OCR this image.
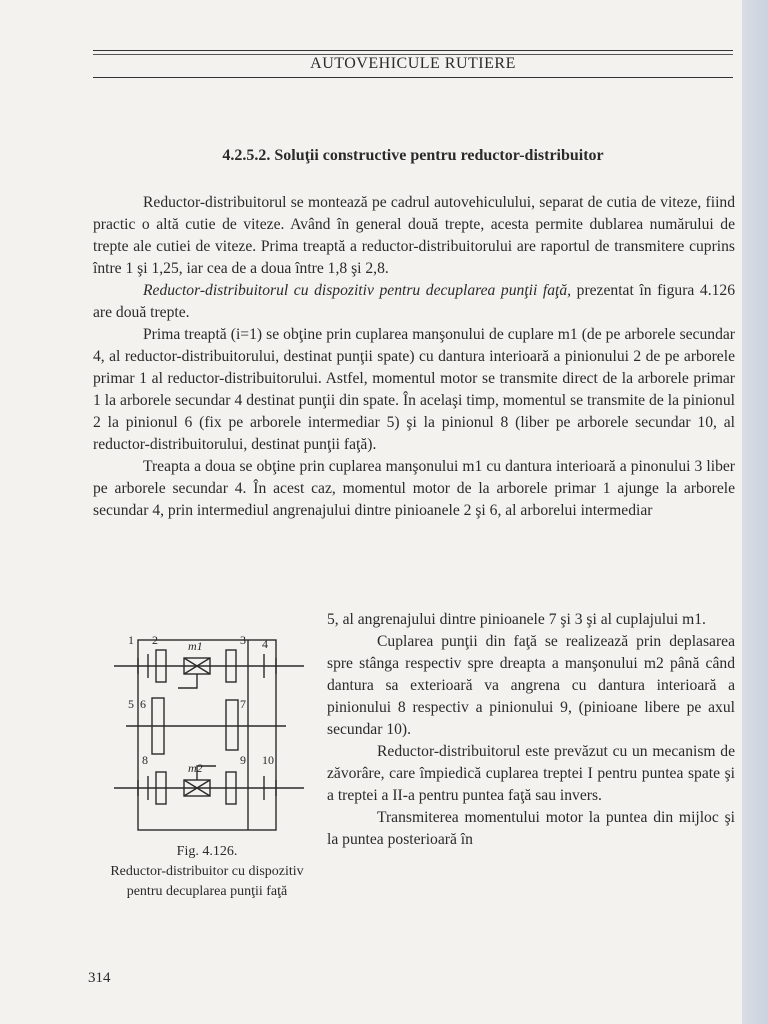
AUTOVEHICULE RUTIERE
4.2.5.2. Soluţii constructive pentru reductor-distribuitor

Reductor-distribuitorul se montează pe cadrul autovehiculului, separat de cutia de viteze, fiind practic o altă cutie de viteze. Având în general două trepte, acesta permite dublarea numărului de trepte ale cutiei de viteze. Prima treaptă a reductor-distribuitorului are raportul de transmitere cuprins între 1 şi 1,25, iar cea de a doua între 1,8 şi 2,8.

Reductor-distribuitorul cu dispozitiv pentru decuplarea punţii faţă, prezentat în figura 4.126 are două trepte.

Prima treaptă (i=1) se obţine prin cuplarea manşonului de cuplare m1 (de pe arborele secundar 4, al reductor-distribuitorului, destinat punţii spate) cu dantura interioară a pinionului 2 de pe arborele primar 1 al reductor-distribuitorului. Astfel, momentul motor se transmite direct de la arborele primar 1 la arborele secundar 4 destinat punţii din spate. În acelaşi timp, momentul se transmite de la pinionul 2 la pinionul 6 (fix pe arborele intermediar 5) şi la pinionul 8 (liber pe arborele secundar 10, al reductor-distribuitorului, destinat punţii faţă).

Treapta a doua se obţine prin cuplarea manşonului m1 cu dantura interioară a pinonului 3 liber pe arborele secundar 4. În acest caz, momentul motor de la arborele primar 1 ajunge la arborele secundar 4, prin intermediul angrenajului dintre pinioanele 2 şi 6, al arborelui intermediar

1 2	m1	3 4
5 6	7
8
m2
9 10

5, al angrenajului dintre pinioanele 7 şi 3 şi al cuplajului m1.

Cuplarea punţii din faţă se realizează prin deplasarea spre stânga respectiv spre dreapta a manşonului m2 până când dantura sa exterioară va angrena cu dantura interioară a pinionului 8 respectiv a pinionului 9, (pinioane libere pe axul secundar 10).

Reductor-distribuitorul este prevăzut cu un mecanism de zăvorâre, care împiedică cuplarea treptei I pentru puntea spate şi a treptei a II-a pentru puntea faţă sau invers.

Transmiterea momentului motor la puntea din mijloc şi la puntea posterioară în

Fig. 4.126.
Reductor-distribuitor cu dispozitiv pentru decuplarea punţii faţă
314
